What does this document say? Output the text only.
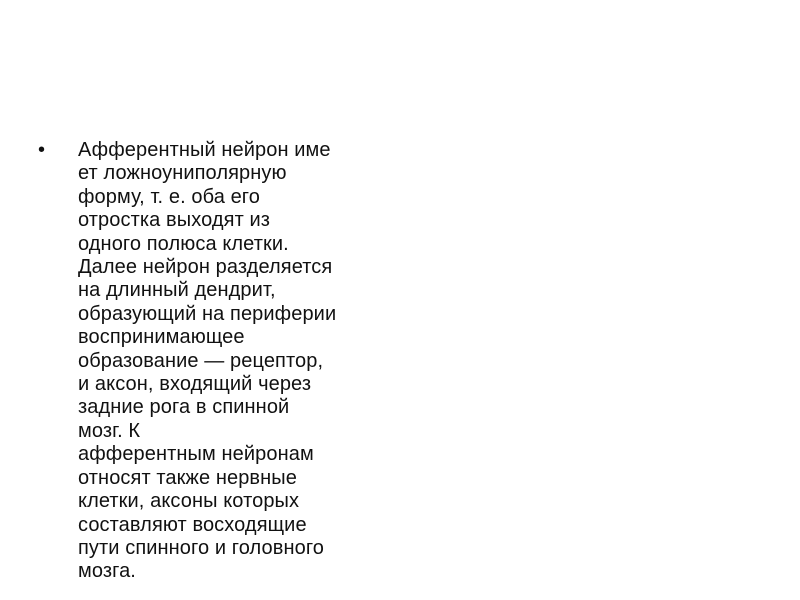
• Афферентный нейрон име
ет ложноуниполярную
форму, т. е. оба его
отростка выходят из
одного полюса клетки.
Далее нейрон разделяется
на длинный дендрит,
образующий на периферии
воспринимающее
образование — рецептор,
и аксон, входящий через
задние рога в спинной
мозг. К
афферентным нейронам
относят также нервные
клетки, аксоны которых
составляют восходящие
пути спинного и головного
мозга.
